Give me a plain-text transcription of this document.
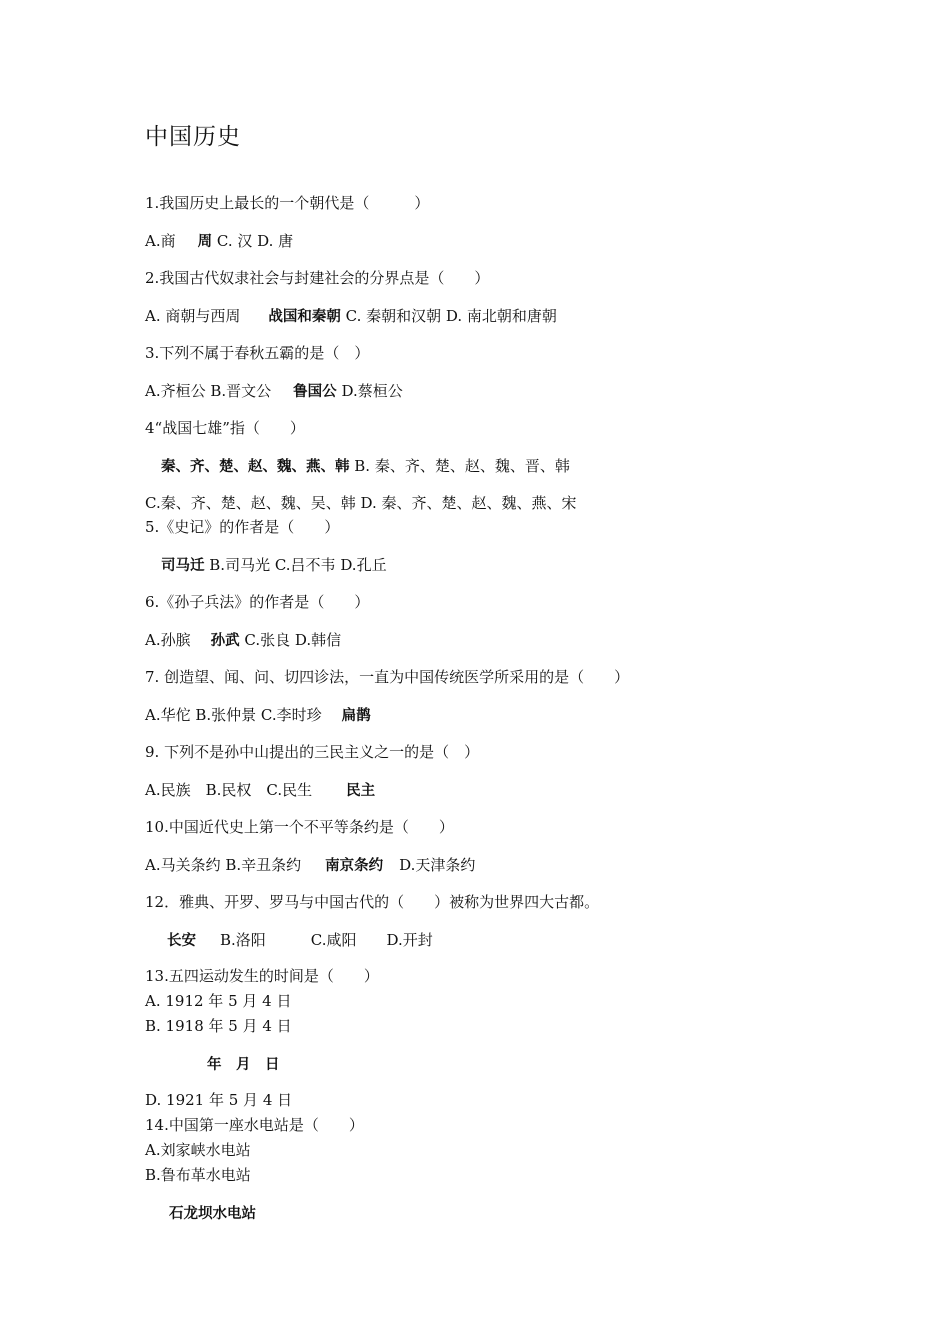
中国历史
1.我国历史上最长的一个朝代是（　　　）
A.商 周 C. 汉 D. 唐
2.我国古代奴隶社会与封建社会的分界点是（　　）
A. 商朝与西周 战国和秦朝 C. 秦朝和汉朝 D. 南北朝和唐朝
3.下列不属于春秋五霸的是（　）
A.齐桓公 B.晋文公 鲁国公 D.蔡桓公
4“战国七雄”指（　　）
秦、齐、楚、赵、魏、燕、韩 B. 秦、齐、楚、赵、魏、晋、韩
C.秦、齐、楚、赵、魏、吴、韩 D. 秦、齐、楚、赵、魏、燕、宋
5.《史记》的作者是（　　）
司马迁 B.司马光 C.吕不韦 D.孔丘
6.《孙子兵法》的作者是（　　）
A.孙膑 孙武 C.张良 D.韩信
7. 创造望、闻、问、切四诊法，一直为中国传统医学所采用的是（　　）
A.华佗 B.张仲景 C.李时珍 扁鹊
9. 下列不是孙中山提出的三民主义之一的是（　）
A.民族　B.民权　C.民生 民主
10.中国近代史上第一个不平等条约是（　　）
A.马关条约 B.辛丑条约 南京条约 D.天津条约
12．雅典、开罗、罗马与中国古代的（　　）被称为世界四大古都。
长安 B.洛阳　　　C.咸阳　　D.开封
13.五四运动发生的时间是（　　）
A. 1912 年 5 月 4 日
B. 1918 年 5 月 4 日
年　月　日
D. 1921 年 5 月 4 日
14.中国第一座水电站是（　　）
A.刘家峡水电站
B.鲁布革水电站
石龙坝水电站
